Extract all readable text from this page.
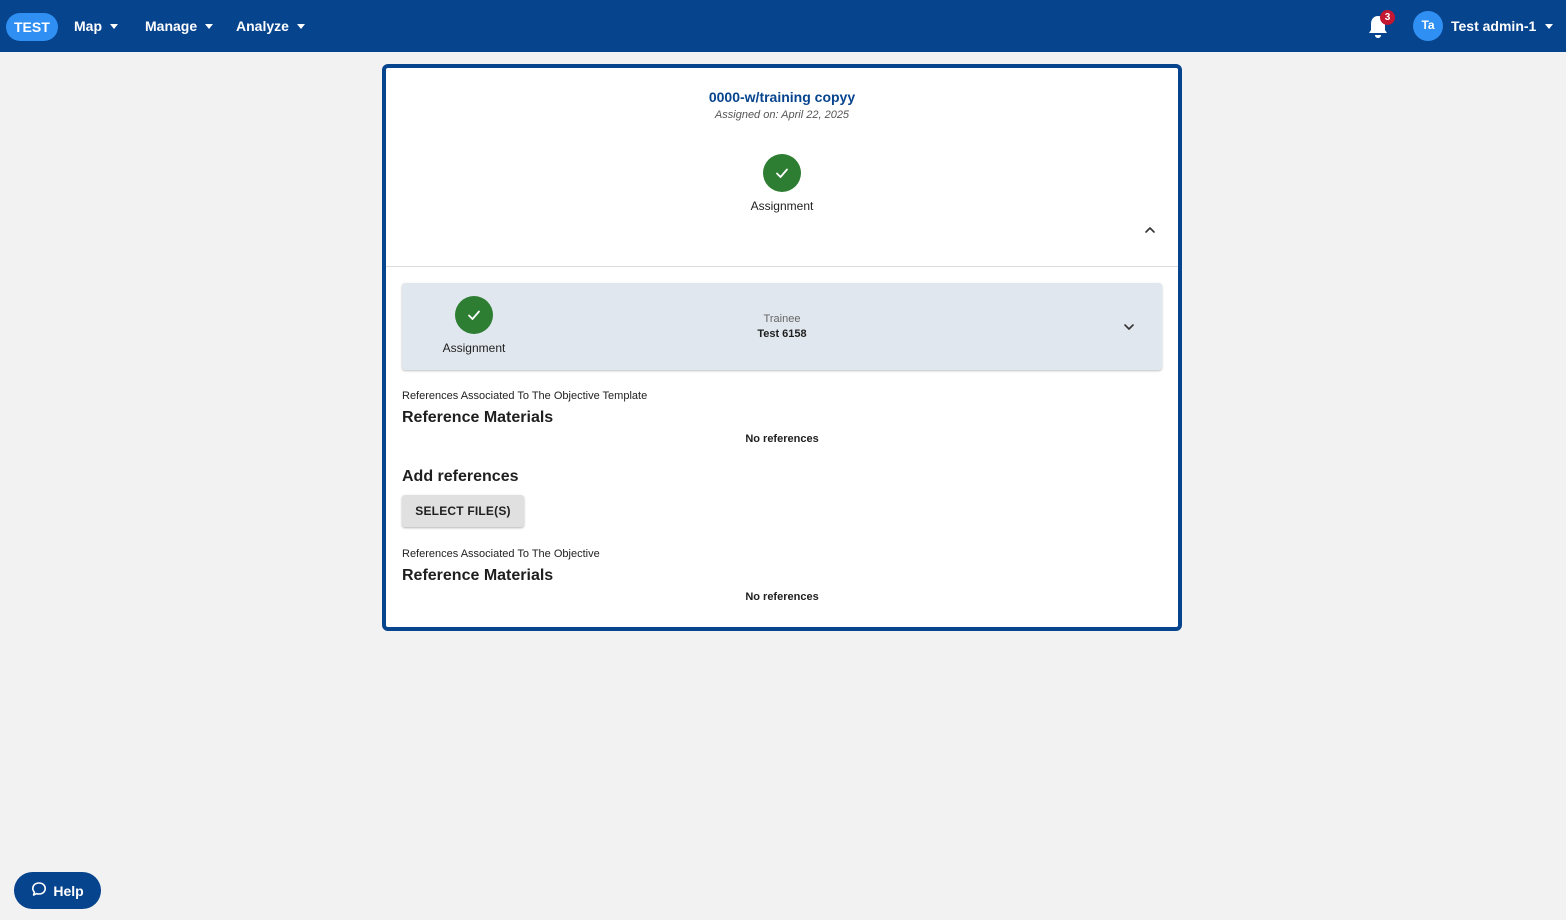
TEST	Map	Manage	Analyze
3
Ta	Test admin-1
0000-w/training copyy
Assigned on: April 22, 2025
Assignment
Assignment
Trainee
Test 6158
References Associated To The Objective Template
Reference Materials
No references
Add references
SELECT FILE(S)
References Associated To The Objective
Reference Materials
No references
Help
